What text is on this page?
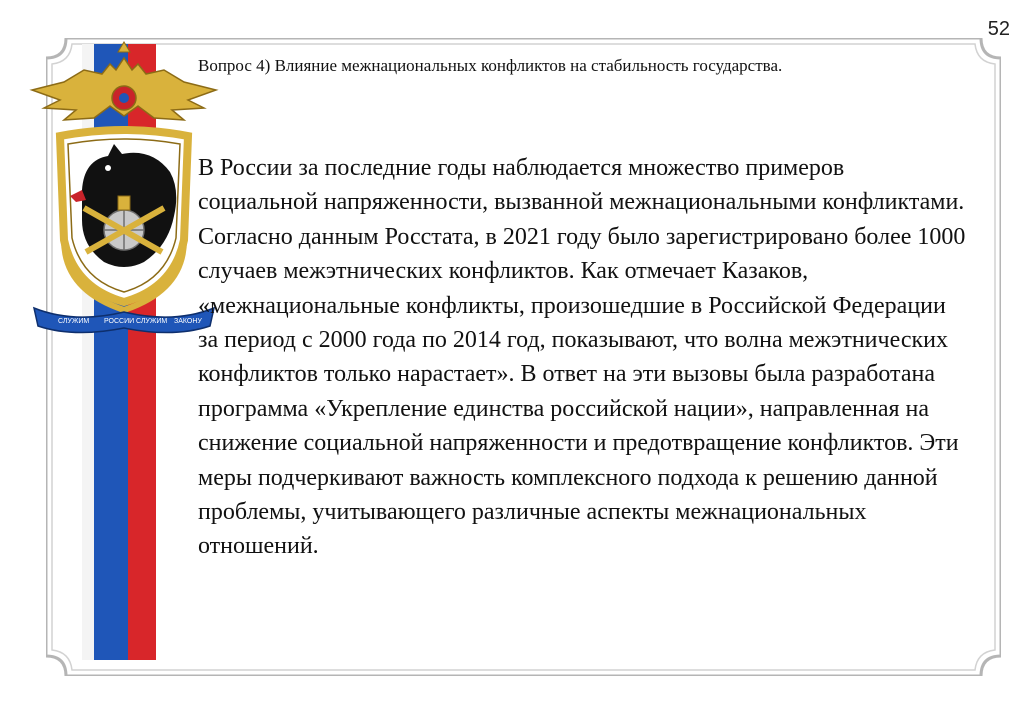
52
СЛУЖИМ РОССИИ СЛУЖИМ ЗАКОНУ
Вопрос 4) Влияние межнациональных конфликтов на стабильность государства.
В России за последние годы наблюдается множество примеров социальной напряженности, вызванной межнациональными конфликтами. Согласно данным Росстата, в 2021 году было зарегистрировано более 1000 случаев межэтнических конфликтов. Как отмечает Казаков, «межнациональные конфликты, произошедшие в Российской Федерации за период с 2000 года по 2014 год, показывают, что волна межэтнических конфликтов только нарастает». В ответ на эти вызовы была разработана программа «Укрепление единства российской нации», направленная на снижение социальной напряженности и предотвращение конфликтов. Эти меры подчеркивают важность комплексного подхода к решению данной проблемы, учитывающего различные аспекты межнациональных отношений.
